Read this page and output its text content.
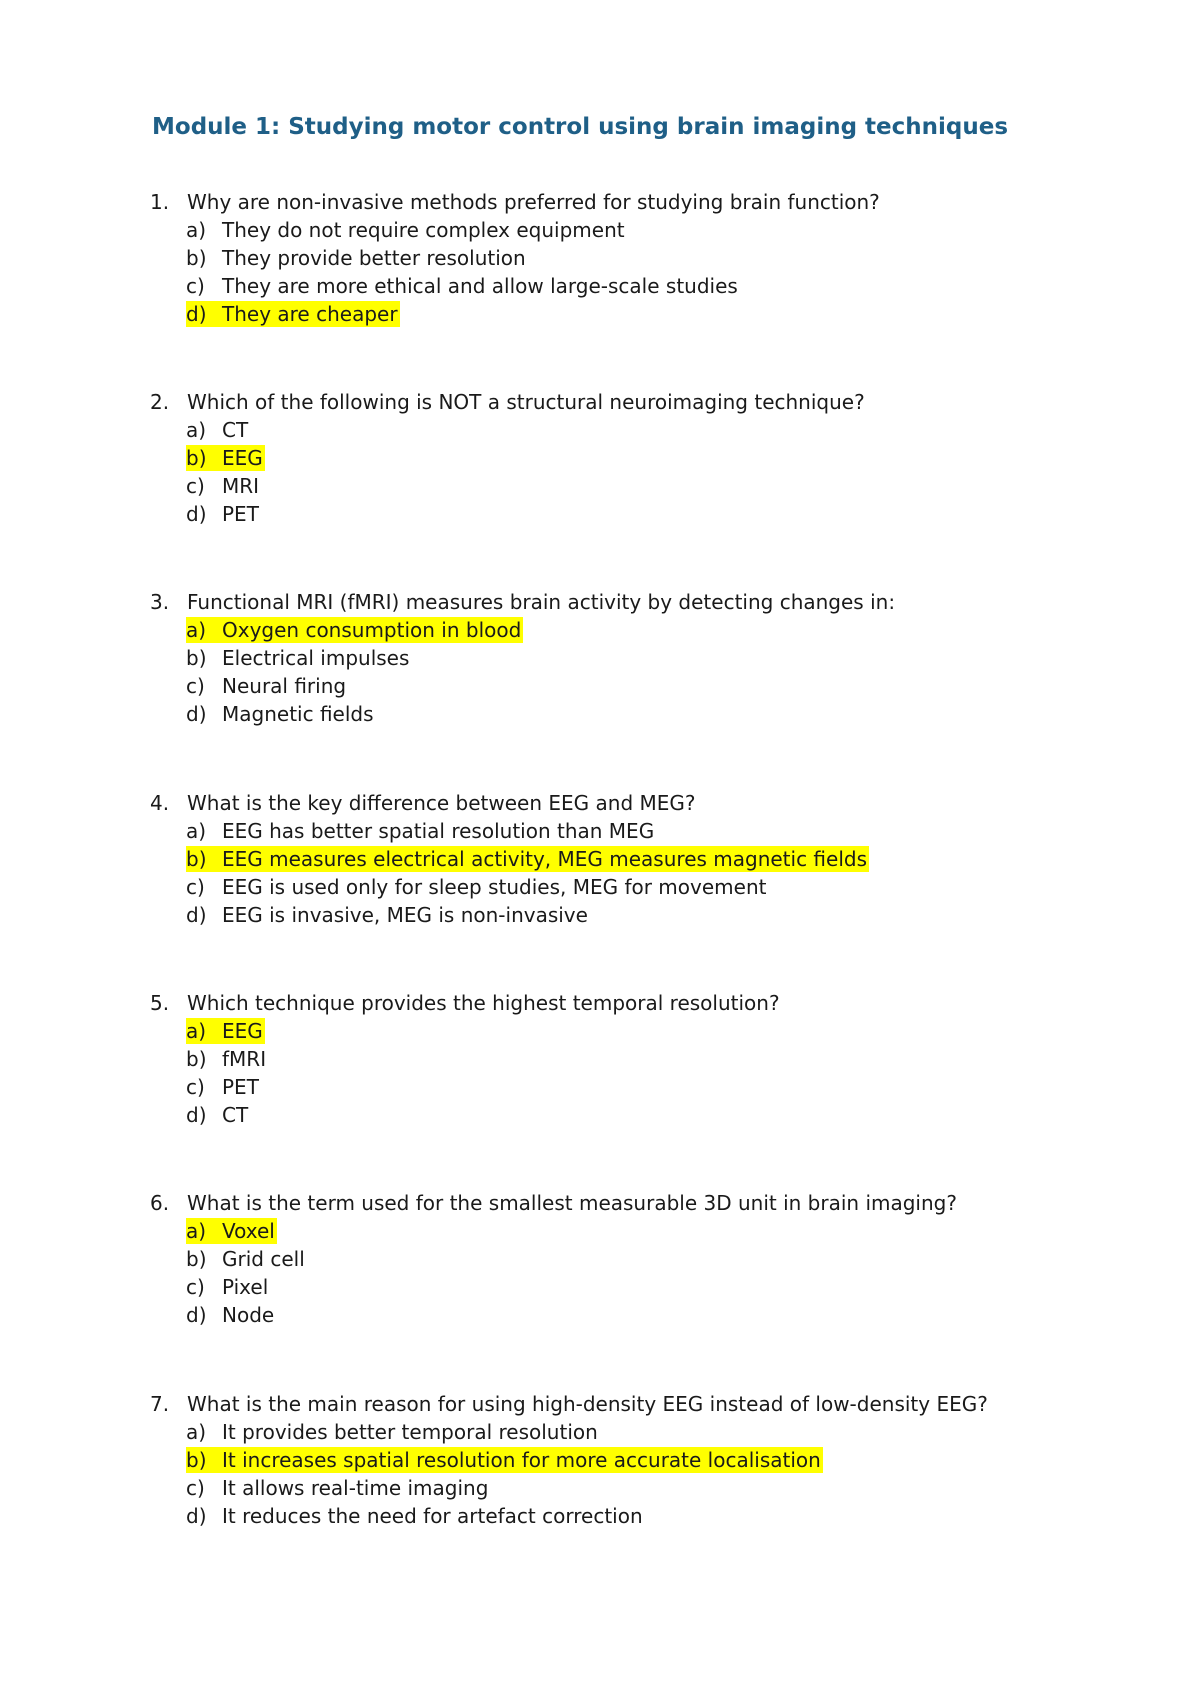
Module 1: Studying motor control using brain imaging techniques
1. Why are non-invasive methods preferred for studying brain function?
a) They do not require complex equipment
b) They provide better resolution
c) They are more ethical and allow large-scale studies
d) They are cheaper
2. Which of the following is NOT a structural neuroimaging technique?
a) CT
b) EEG
c) MRI
d) PET
3. Functional MRI (fMRI) measures brain activity by detecting changes in:
a) Oxygen consumption in blood
b) Electrical impulses
c) Neural firing
d) Magnetic fields
4. What is the key difference between EEG and MEG?
a) EEG has better spatial resolution than MEG
b) EEG measures electrical activity, MEG measures magnetic fields
c) EEG is used only for sleep studies, MEG for movement
d) EEG is invasive, MEG is non-invasive
5. Which technique provides the highest temporal resolution?
a) EEG
b) fMRI
c) PET
d) CT
6. What is the term used for the smallest measurable 3D unit in brain imaging?
a) Voxel
b) Grid cell
c) Pixel
d) Node
7. What is the main reason for using high-density EEG instead of low-density EEG?
a) It provides better temporal resolution
b) It increases spatial resolution for more accurate localisation
c) It allows real-time imaging
d) It reduces the need for artefact correction
